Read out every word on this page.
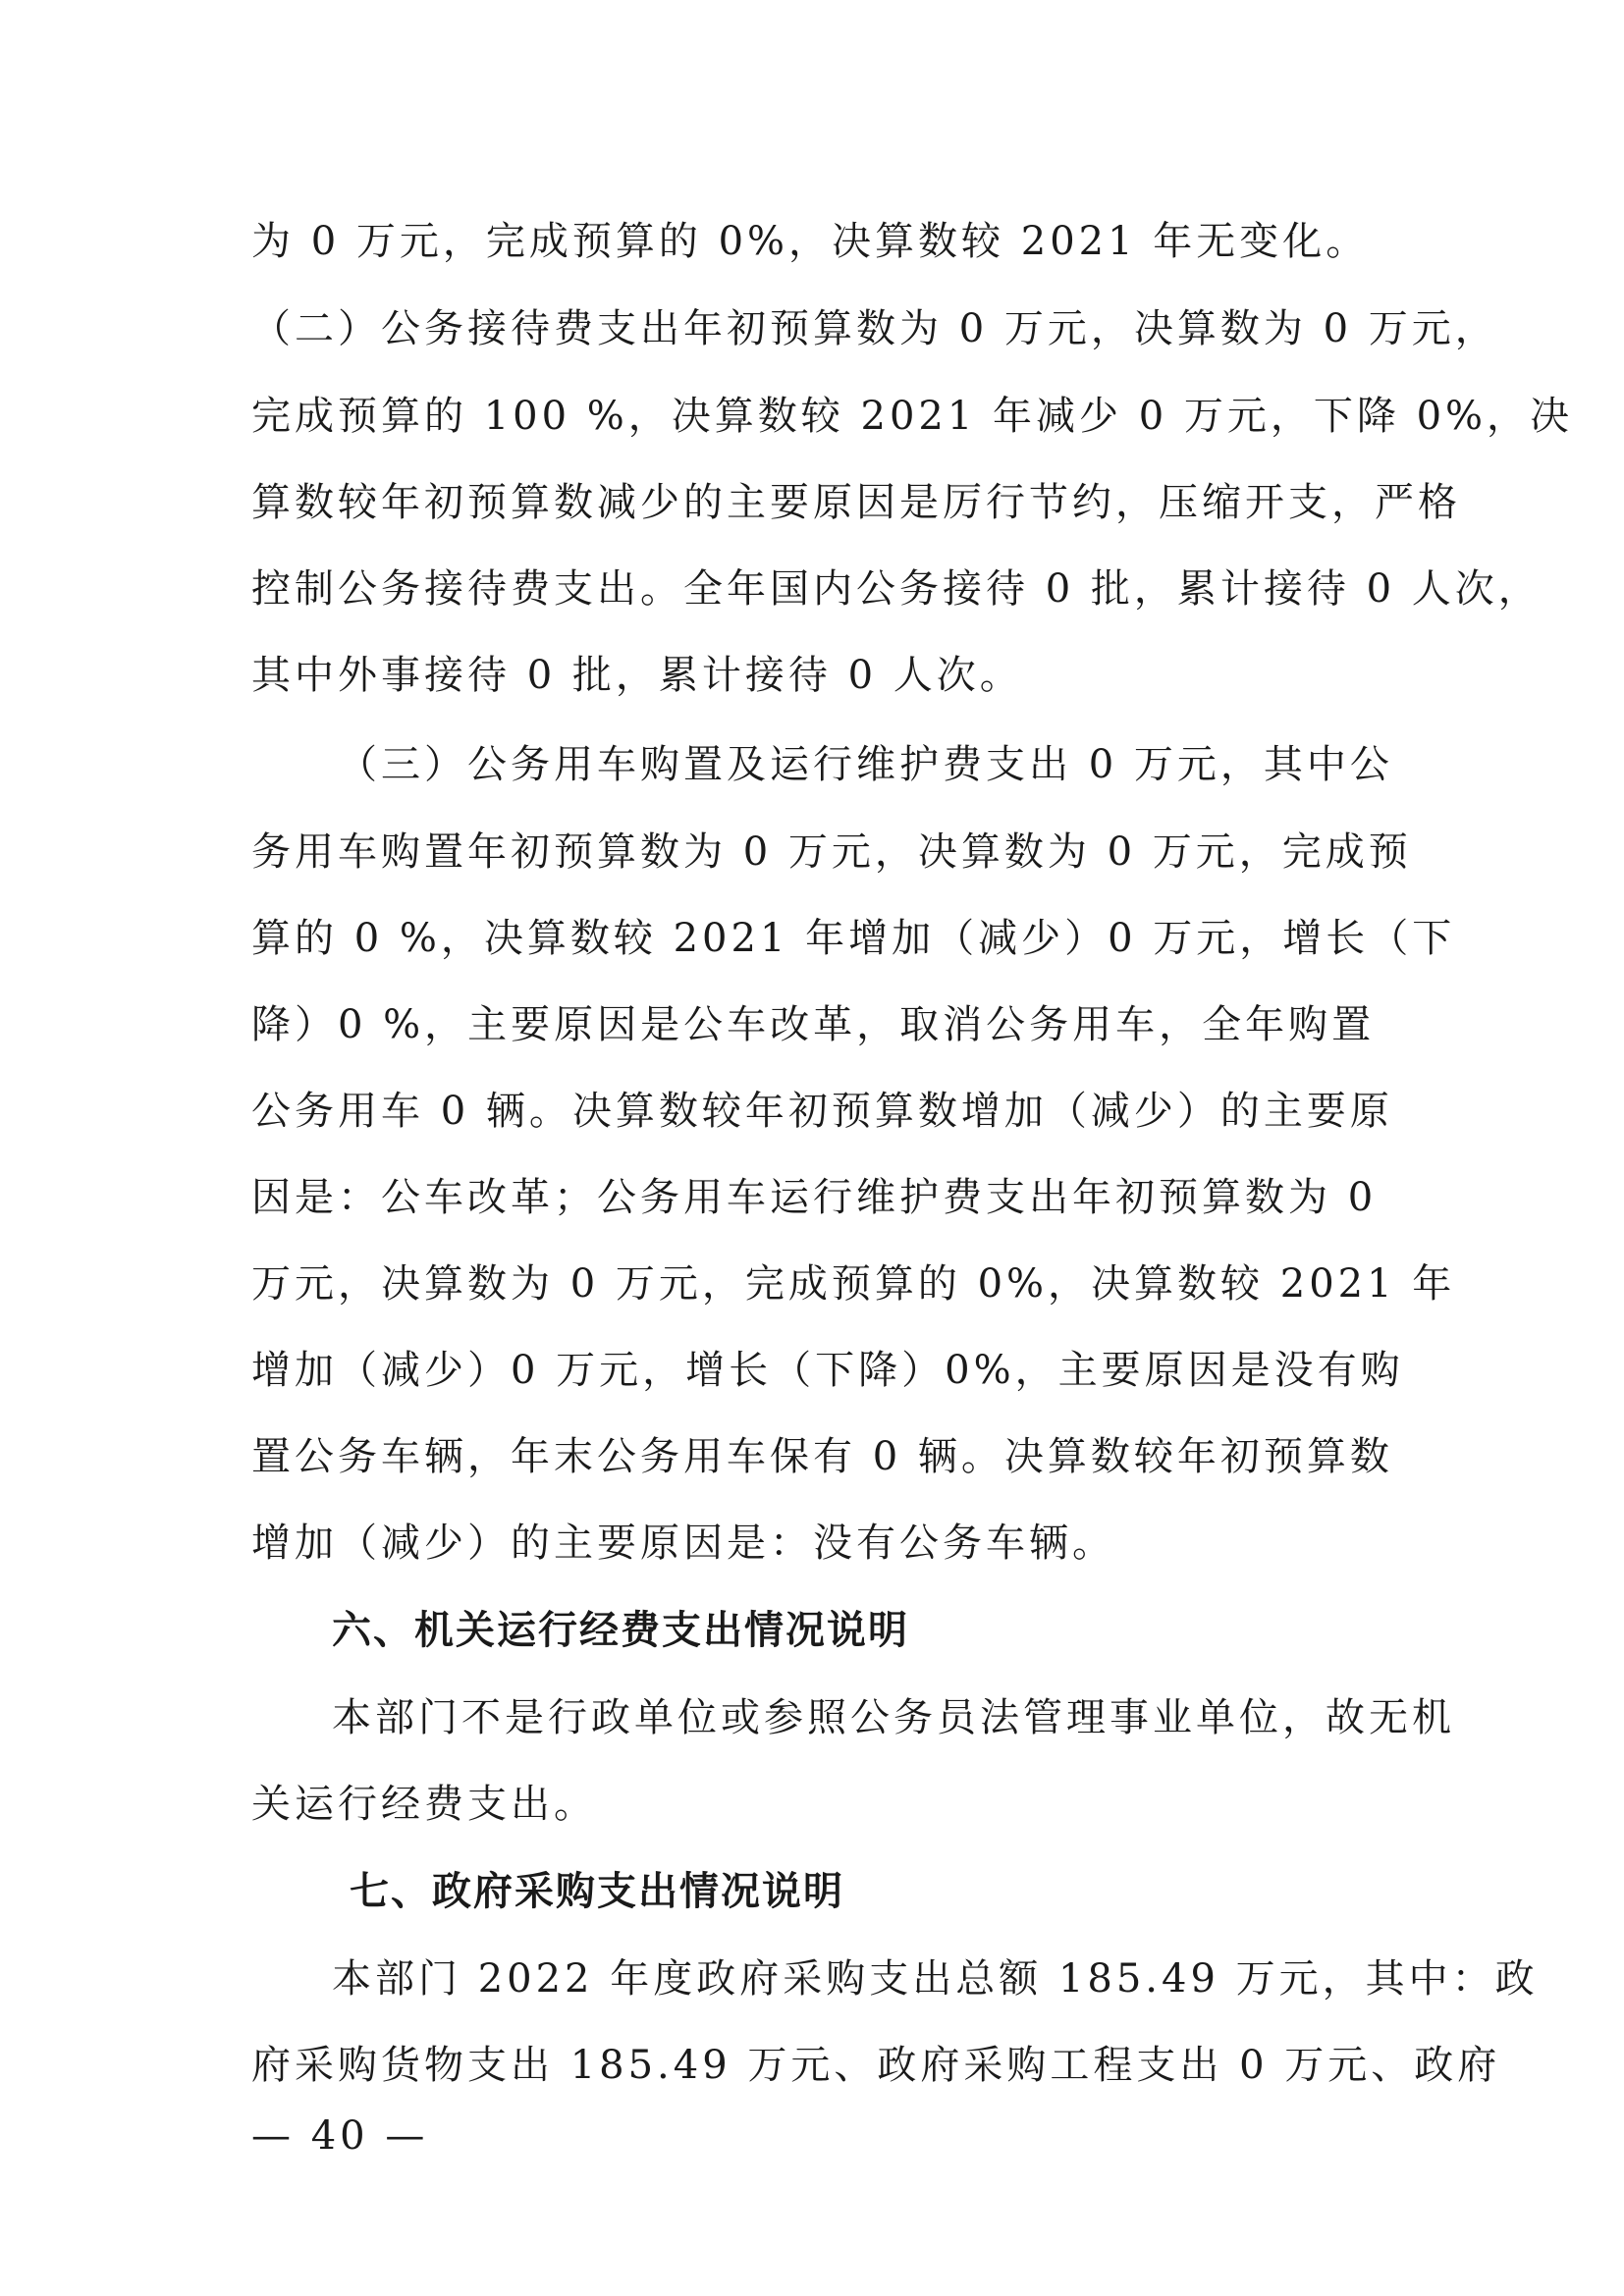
为 0 万元，完成预算的 0%，决算数较 2021 年无变化。
（二）公务接待费支出年初预算数为 0 万元，决算数为 0 万元，
完成预算的 100 %，决算数较 2021 年减少 0 万元，下降 0%，决
算数较年初预算数减少的主要原因是厉行节约，压缩开支，严格
控制公务接待费支出。全年国内公务接待 0 批，累计接待 0 人次，
其中外事接待 0 批，累计接待 0 人次。
（三）公务用车购置及运行维护费支出 0 万元，其中公
务用车购置年初预算数为 0 万元，决算数为 0 万元，完成预
算的 0 %，决算数较 2021 年增加（减少）0 万元，增长（下
降）0 %，主要原因是公车改革，取消公务用车，全年购置
公务用车 0 辆。决算数较年初预算数增加（减少）的主要原
因是：公车改革；公务用车运行维护费支出年初预算数为 0
万元，决算数为 0 万元，完成预算的 0%，决算数较 2021 年
增加（减少）0 万元，增长（下降）0%，主要原因是没有购
置公务车辆，年末公务用车保有 0 辆。决算数较年初预算数
增加（减少）的主要原因是：没有公务车辆。
六、机关运行经费支出情况说明
本部门不是行政单位或参照公务员法管理事业单位，故无机
关运行经费支出。
七、政府采购支出情况说明
本部门 2022 年度政府采购支出总额 185.49 万元，其中：政
府采购货物支出 185.49 万元、政府采购工程支出 0 万元、政府
— 40 —
